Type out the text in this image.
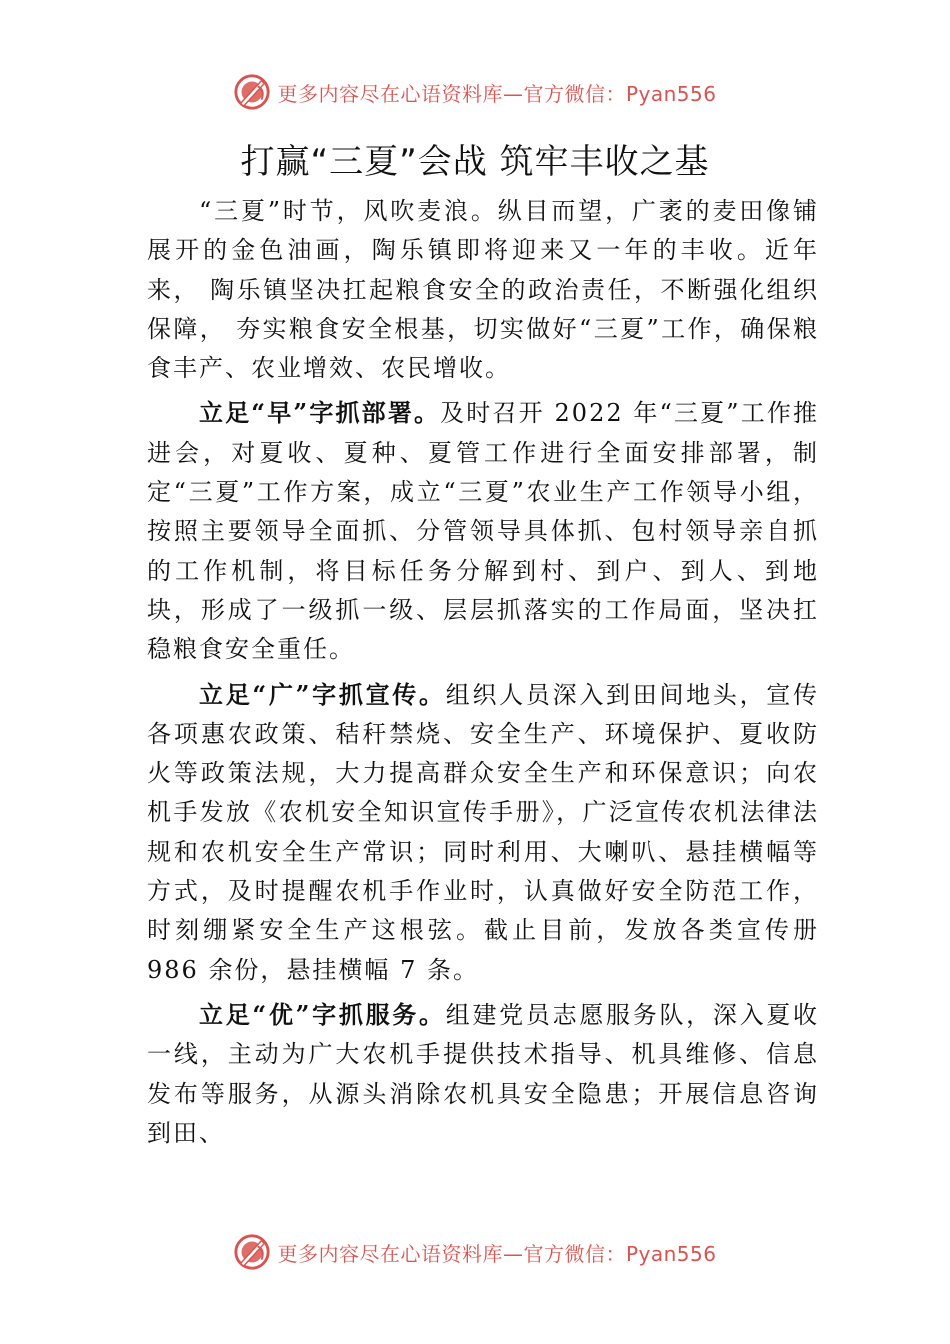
更多内容尽在心语资料库—官方微信：Pyan556
打赢“三夏”会战 筑牢丰收之基

“三夏”时节，风吹麦浪。纵目而望，广袤的麦田像铺展开的金色油画，陶乐镇即将迎来又一年的丰收。近年来， 陶乐镇坚决扛起粮食安全的政治责任，不断强化组织保障， 夯实粮食安全根基，切实做好“三夏”工作，确保粮食丰产、农业增效、农民增收。

立足“早”字抓部署。及时召开 2022 年“三夏”工作推进会，对夏收、夏种、夏管工作进行全面安排部署，制定“三夏”工作方案，成立“三夏”农业生产工作领导小组， 按照主要领导全面抓、分管领导具体抓、包村领导亲自抓的工作机制，将目标任务分解到村、到户、到人、到地块，形成了一级抓一级、层层抓落实的工作局面，坚决扛稳粮食安全重任。

立足“广”字抓宣传。组织人员深入到田间地头，宣传各项惠农政策、秸秆禁烧、安全生产、环境保护、夏收防火等政策法规，大力提高群众安全生产和环保意识；向农机手发放《农机安全知识宣传手册》，广泛宣传农机法律法规和农机安全生产常识；同时利用、大喇叭、悬挂横幅等方式，及时提醒农机手作业时，认真做好安全防范工作， 时刻绷紧安全生产这根弦。截止目前，发放各类宣传册 986 余份，悬挂横幅 7 条。

立足“优”字抓服务。组建党员志愿服务队，深入夏收一线，主动为广大农机手提供技术指导、机具维修、信息发布等服务，从源头消除农机具安全隐患；开展信息咨询到田、

更多内容尽在心语资料库—官方微信：Pyan556
